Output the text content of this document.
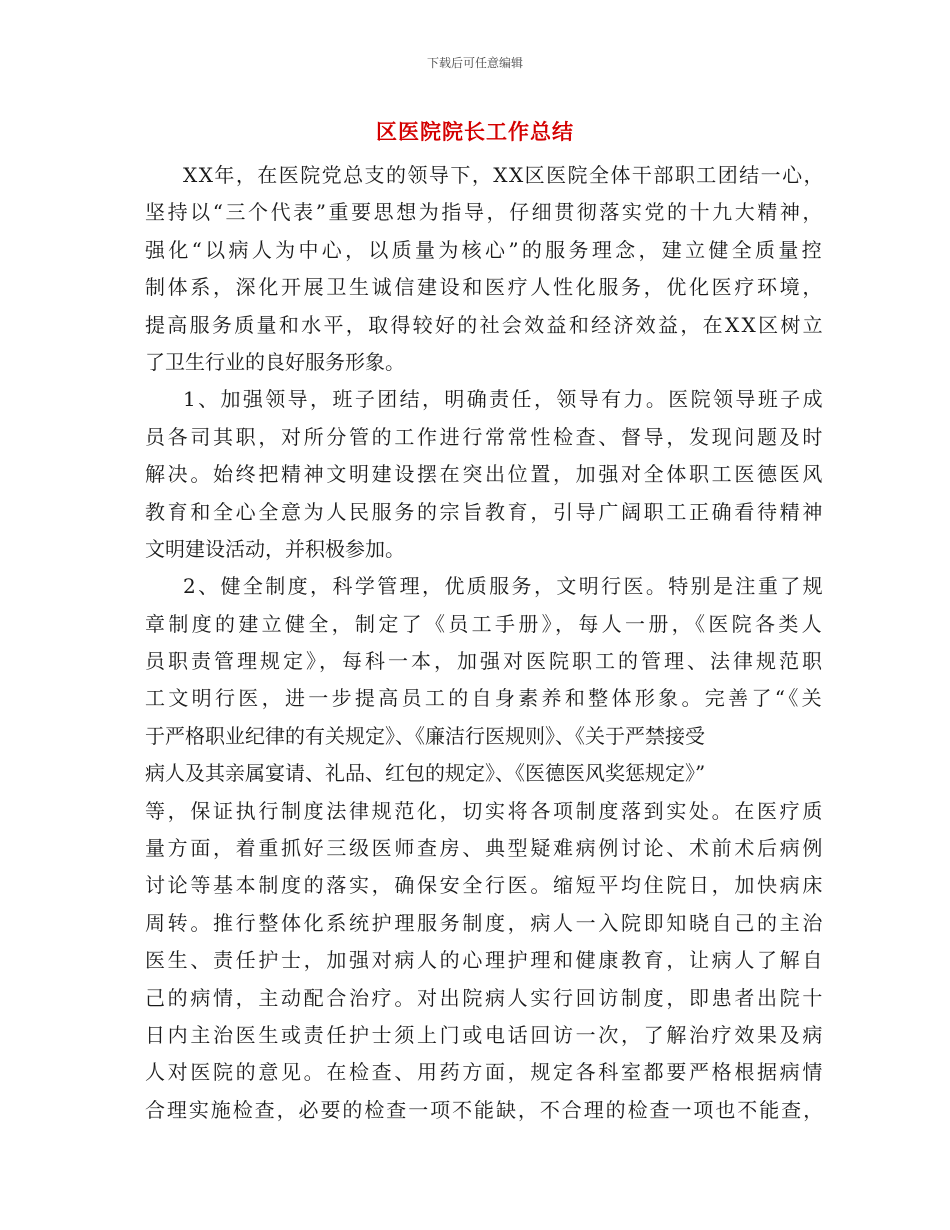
下载后可任意编辑
区医院院长工作总结
XX年，在医院党总支的领导下，XX区医院全体干部职工团结一心，
坚持以“三个代表”重要思想为指导，仔细贯彻落实党的十九大精神，
强化“以病人为中心，以质量为核心”的服务理念，建立健全质量控
制体系，深化开展卫生诚信建设和医疗人性化服务，优化医疗环境，
提高服务质量和水平，取得较好的社会效益和经济效益，在XX区树立
了卫生行业的良好服务形象。
1、加强领导，班子团结，明确责任，领导有力。医院领导班子成
员各司其职，对所分管的工作进行常常性检查、督导，发现问题及时
解决。始终把精神文明建设摆在突出位置，加强对全体职工医德医风
教育和全心全意为人民服务的宗旨教育，引导广阔职工正确看待精神
文明建设活动，并积极参加。
2、健全制度，科学管理，优质服务，文明行医。特别是注重了规
章制度的建立健全，制定了《员工手册》，每人一册，《医院各类人
员职责管理规定》，每科一本，加强对医院职工的管理、法律规范职
工文明行医，进一步提高员工的自身素养和整体形象。完善了“《关
于严格职业纪律的有关规定》、《廉洁行医规则》、《关于严禁接受
病人及其亲属宴请、礼品、红包的规定》、《医德医风奖惩规定》”
等，保证执行制度法律规范化，切实将各项制度落到实处。在医疗质
量方面，着重抓好三级医师查房、典型疑难病例讨论、术前术后病例
讨论等基本制度的落实，确保安全行医。缩短平均住院日，加快病床
周转。推行整体化系统护理服务制度，病人一入院即知晓自己的主治
医生、责任护士，加强对病人的心理护理和健康教育，让病人了解自
己的病情，主动配合治疗。对出院病人实行回访制度，即患者出院十
日内主治医生或责任护士须上门或电话回访一次，了解治疗效果及病
人对医院的意见。在检查、用药方面，规定各科室都要严格根据病情
合理实施检查，必要的检查一项不能缺，不合理的检查一项也不能查，
